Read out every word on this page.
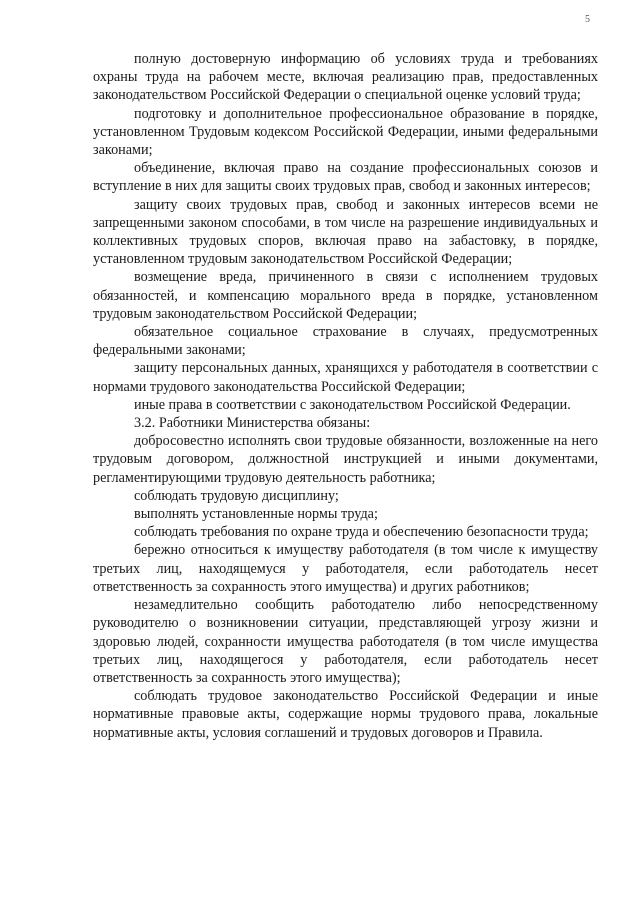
5

полную достоверную информацию об условиях труда и требованиях охраны труда на рабочем месте, включая реализацию прав, предоставленных законодательством Российской Федерации о специальной оценке условий труда;

подготовку и дополнительное профессиональное образование в порядке, установленном Трудовым кодексом Российской Федерации, иными федеральными законами;

объединение, включая право на создание профессиональных союзов и вступление в них для защиты своих трудовых прав, свобод и законных интересов;

защиту своих трудовых прав, свобод и законных интересов всеми не запрещенными законом способами, в том числе на разрешение индивидуальных и коллективных трудовых споров, включая право на забастовку, в порядке, установленном трудовым законодательством Российской Федерации;

возмещение вреда, причиненного в связи с исполнением трудовых обязанностей, и компенсацию морального вреда в порядке, установленном трудовым законодательством Российской Федерации;

обязательное социальное страхование в случаях, предусмотренных федеральными законами;

защиту персональных данных, хранящихся у работодателя в соответствии с нормами трудового законодательства Российской Федерации;

иные права в соответствии с законодательством Российской Федерации.

3.2. Работники Министерства обязаны:

добросовестно исполнять свои трудовые обязанности, возложенные на него трудовым договором, должностной инструкцией и иными документами, регламентирующими трудовую деятельность работника;

соблюдать трудовую дисциплину;

выполнять установленные нормы труда;

соблюдать требования по охране труда и обеспечению безопасности труда;

бережно относиться к имуществу работодателя (в том числе к имуществу третьих лиц, находящемуся у работодателя, если работодатель несет ответственность за сохранность этого имущества) и других работников;

незамедлительно сообщить работодателю либо непосредственному руководителю о возникновении ситуации, представляющей угрозу жизни и здоровью людей, сохранности имущества работодателя (в том числе имущества третьих лиц, находящегося у работодателя, если работодатель несет ответственность за сохранность этого имущества);

соблюдать трудовое законодательство Российской Федерации и иные нормативные правовые акты, содержащие нормы трудового права, локальные нормативные акты, условия соглашений и трудовых договоров и Правила.
